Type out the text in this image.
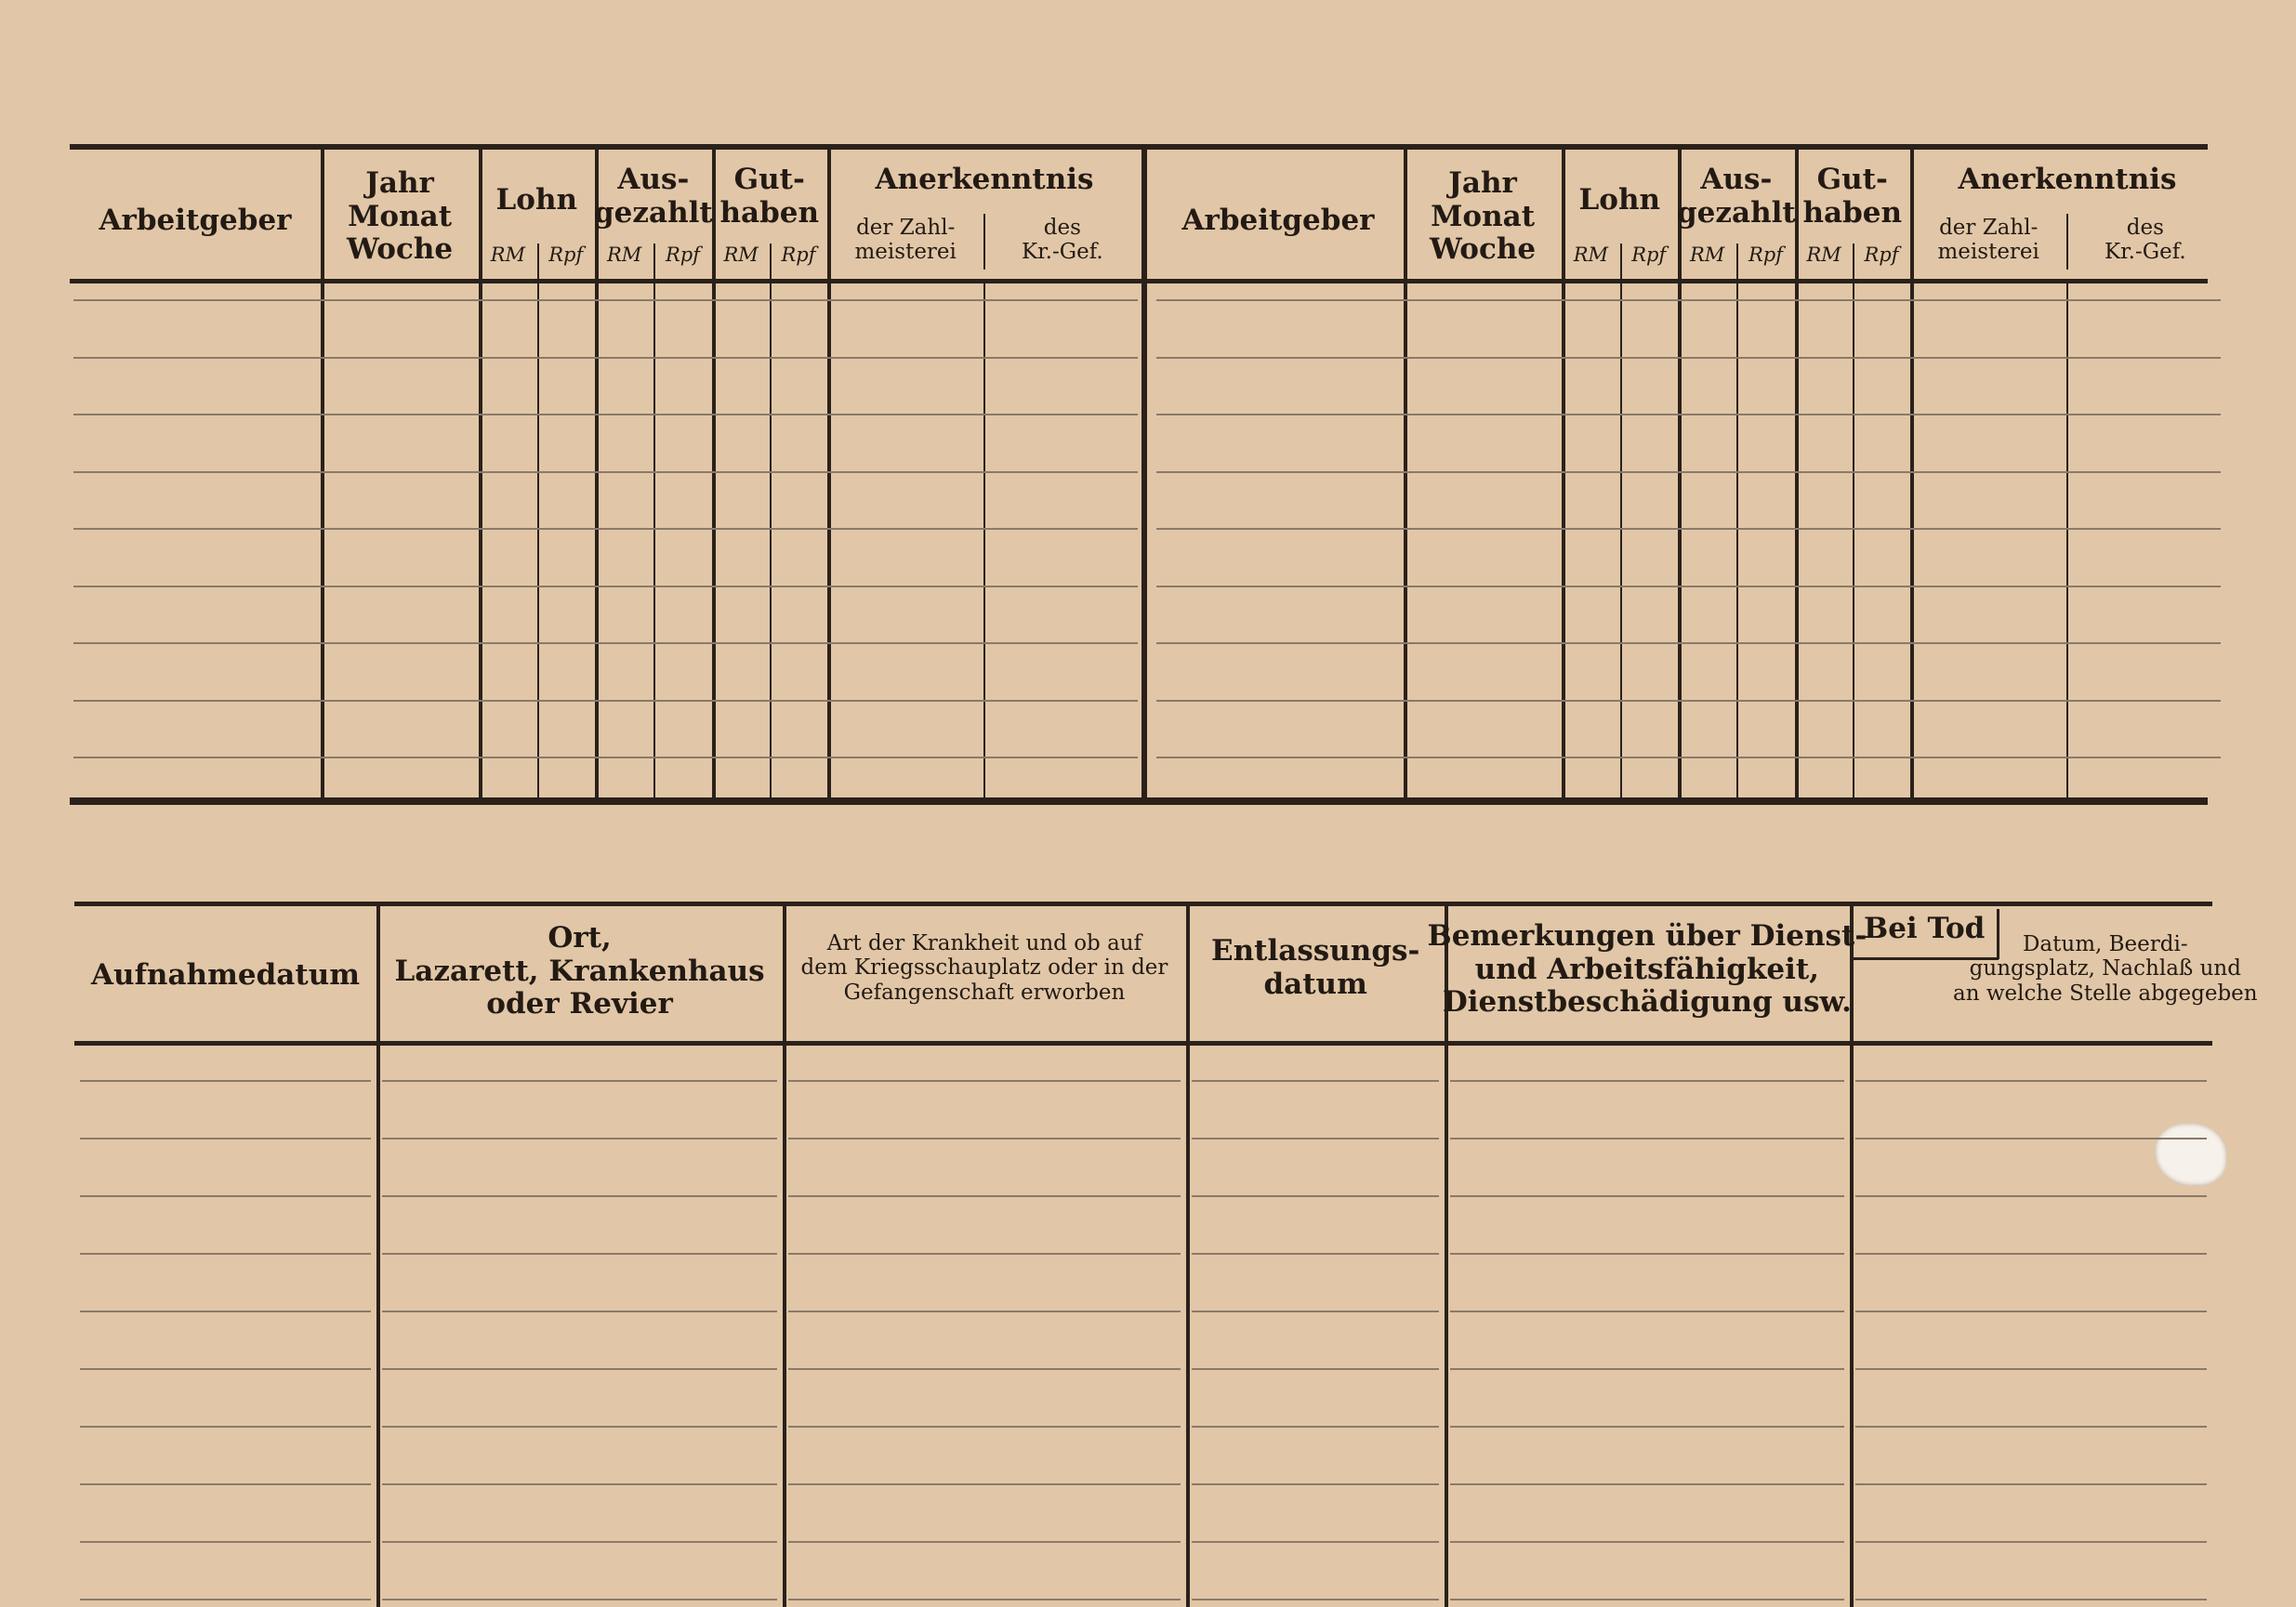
Arbeitgeber
Jahr
Monat
Woche
Lohn
Aus-
gezahlt
Gut-
haben
Anerkenntnis
der Zahl-
meisterei
des
Kr.-Gef.
RM Rpf RM Rpf RM Rpf
Arbeitgeber
Jahr
Monat
Woche
Lohn
Aus-
gezahlt
Gut-
haben
Anerkenntnis
der Zahl-
meisterei
des
Kr.-Gef.
RM Rpf RM Rpf RM Rpf
Aufnahmedatum
Ort,
Lazarett, Krankenhaus
oder Revier
Art der Krankheit und ob auf
dem Kriegsschauplatz oder in der
Gefangenschaft erworben
Entlassungs-
datum
Bemerkungen über Dienst-
und Arbeitsfähigkeit,
Dienstbeschädigung usw.
Bei Tod	Datum, Beerdi-
gungsplatz, Nachlaß und
an welche Stelle abgegeben
